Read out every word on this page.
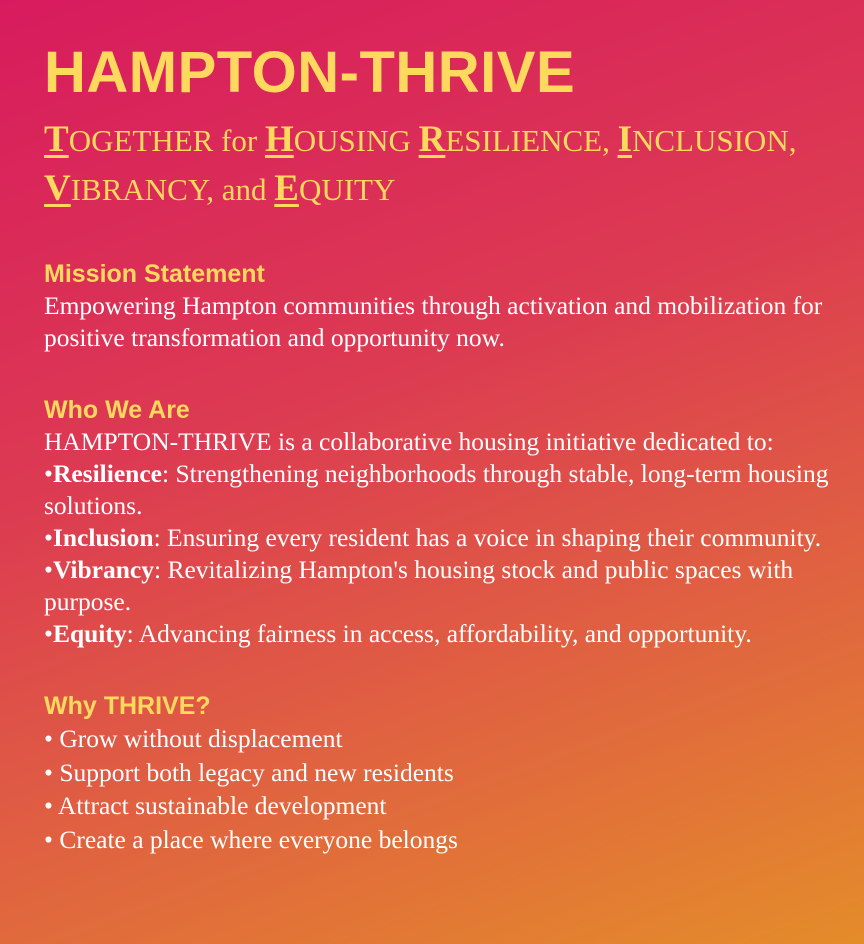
HAMPTON-THRIVE
TOGETHER for HOUSING RESILIENCE, INCLUSION,
VIBRANCY, and EQUITY
Mission Statement

Empowering Hampton communities through activation and mobilization for positive transformation and opportunity now.

Who We Are

HAMPTON-THRIVE is a collaborative housing initiative dedicated to:

•Resilience: Strengthening neighborhoods through stable, long-term housing solutions.

•Inclusion: Ensuring every resident has a voice in shaping their community.

•Vibrancy: Revitalizing Hampton's housing stock and public spaces with purpose.

•Equity: Advancing fairness in access, affordability, and opportunity.

Why THRIVE?

• Grow without displacement

• Support both legacy and new residents

• Attract sustainable development

• Create a place where everyone belongs
